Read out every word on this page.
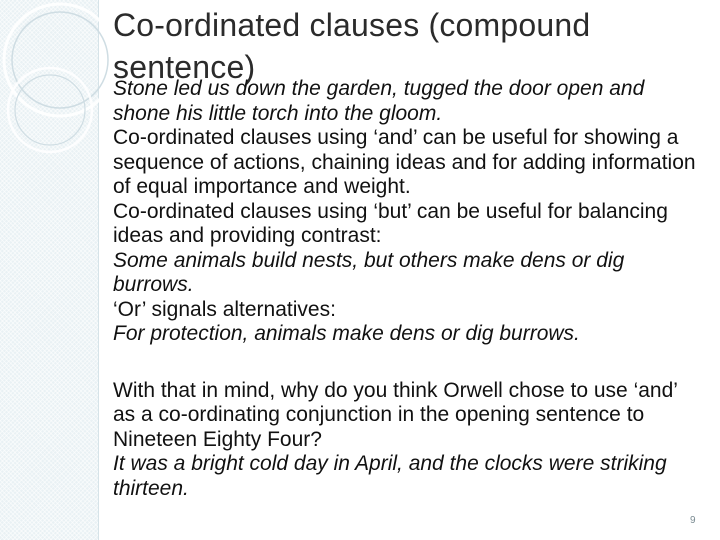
Co-ordinated clauses (compound sentence)

Stone led us down the garden, tugged the door open and shone his little torch into the gloom.

Co-ordinated clauses using ‘and’ can be useful for showing a sequence of actions, chaining ideas and for adding information of equal importance and weight.

Co-ordinated clauses using ‘but’ can be useful for balancing ideas and providing contrast:

Some animals build nests, but others make dens or dig burrows.

‘Or’ signals alternatives:

For protection, animals make dens or dig burrows.

With that in mind, why do you think Orwell chose to use ‘and’ as a co-ordinating conjunction in the opening sentence to Nineteen Eighty Four?

It was a bright cold day in April, and the clocks were striking thirteen.

9
